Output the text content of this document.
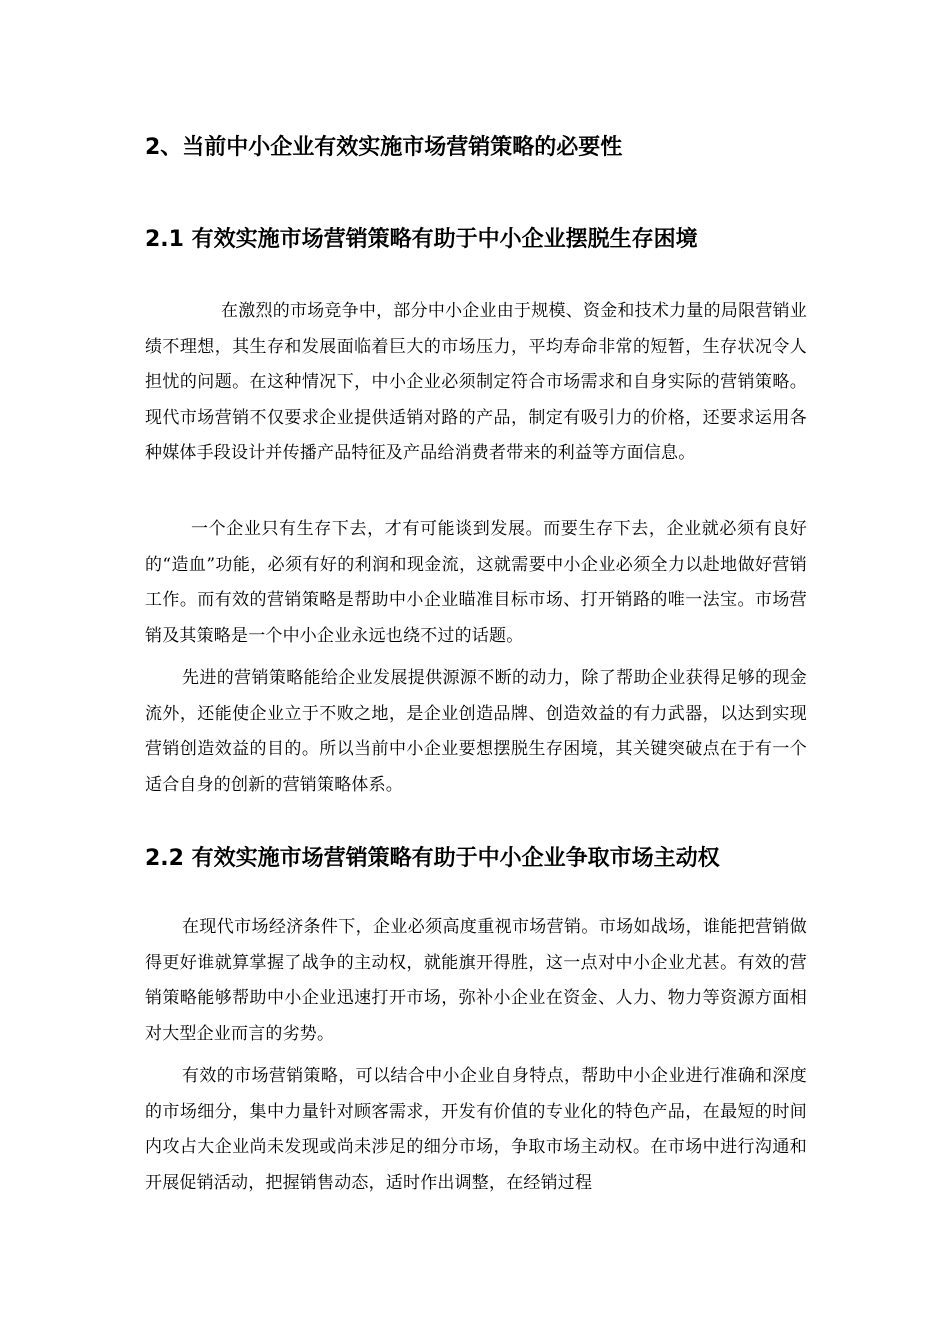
2、当前中小企业有效实施市场营销策略的必要性
2.1 有效实施市场营销策略有助于中小企业摆脱生存困境

在激烈的市场竞争中，部分中小企业由于规模、资金和技术力量的局限营销业绩不理想，其生存和发展面临着巨大的市场压力，平均寿命非常的短暂，生存状况令人担忧的问题。在这种情况下，中小企业必须制定符合市场需求和自身实际的营销策略。现代市场营销不仅要求企业提供适销对路的产品，制定有吸引力的价格，还要求运用各种媒体手段设计并传播产品特征及产品给消费者带来的利益等方面信息。

一个企业只有生存下去，才有可能谈到发展。而要生存下去，企业就必须有良好的“造血”功能，必须有好的利润和现金流，这就需要中小企业必须全力以赴地做好营销工作。而有效的营销策略是帮助中小企业瞄准目标市场、打开销路的唯一法宝。市场营销及其策略是一个中小企业永远也绕不过的话题。

先进的营销策略能给企业发展提供源源不断的动力，除了帮助企业获得足够的现金流外，还能使企业立于不败之地，是企业创造品牌、创造效益的有力武器，以达到实现营销创造效益的目的。所以当前中小企业要想摆脱生存困境，其关键突破点在于有一个适合自身的创新的营销策略体系。

2.2 有效实施市场营销策略有助于中小企业争取市场主动权

在现代市场经济条件下，企业必须高度重视市场营销。市场如战场，谁能把营销做得更好谁就算掌握了战争的主动权，就能旗开得胜，这一点对中小企业尤甚。有效的营销策略能够帮助中小企业迅速打开市场，弥补小企业在资金、人力、物力等资源方面相对大型企业而言的劣势。

有效的市场营销策略，可以结合中小企业自身特点，帮助中小企业进行准确和深度的市场细分，集中力量针对顾客需求，开发有价值的专业化的特色产品，在最短的时间内攻占大企业尚未发现或尚未涉足的细分市场，争取市场主动权。在市场中进行沟通和开展促销活动，把握销售动态，适时作出调整，在经销过程
